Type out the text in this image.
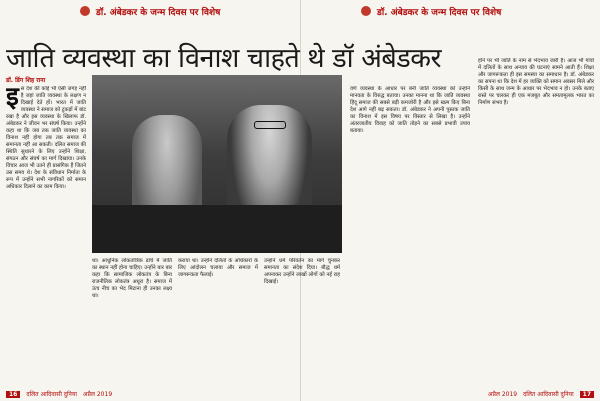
डॉ. अंबेडकर के जन्म दिवस पर विशेष	डॉ. अंबेडकर के जन्म दिवस पर विशेष
जाति व्यवस्था का विनाश चाहते थे डॉ अंबेडकर
डॉ. डिंग शिह राना
इ स देश की कोई भी ऐसी जगह नहीं है जहां जाति व्यवस्था के लक्षण न दिखाई देते हों। भारत में जाति व्यवस्था ने समाज को टुकड़ों में बांट रखा है और इस व्यवस्था के खिलाफ डॉ. अंबेडकर ने जीवन भर संघर्ष किया। उन्होंने कहा था कि जब तक जाति व्यवस्था का विनाश नहीं होगा तब तक समाज में समानता नहीं आ सकती। दलित समाज की स्थिति सुधारने के लिए उन्होंने शिक्षा, संगठन और संघर्ष का मार्ग दिखाया। उनके विचार आज भी उतने ही प्रासंगिक हैं जितने उस समय थे। देश के संविधान निर्माता के रूप में उन्होंने सभी नागरिकों को समान अधिकार दिलाने का काम किया।
था। आधुनिक लोकतांत्रिक ढांचे में जाति का स्थान नहीं होना चाहिए। उन्होंने बार बार कहा कि सामाजिक लोकतंत्र के बिना राजनीतिक लोकतंत्र अधूरा है। समाज में ऊंच नीच का भेद मिटाना ही उनका लक्ष्य था।
कराया था। उन्होंने दलितों के अधिकारों के लिए आंदोलन चलाया और समाज में जागरूकता फैलाई।
उन्होंने धर्म परिवर्तन का मार्ग चुनकर समानता का संदेश दिया। बौद्ध धर्म अपनाकर उन्होंने लाखों लोगों को नई राह दिखाई।
वर्ण व्यवस्था के आधार पर बनी जाति व्यवस्था को उन्होंने मानवता के विरुद्ध बताया। उनका मानना था कि जाति व्यवस्था हिंदू समाज की सबसे बड़ी कमजोरी है और इसे खत्म किए बिना देश आगे नहीं बढ़ सकता। डॉ. अंबेडकर ने अपनी पुस्तक जाति का विनाश में इस विषय पर विस्तार से लिखा है। उन्होंने अंतरजातीय विवाह को जाति तोड़ने का सबसे प्रभावी उपाय बताया।
होने पर भी जाति के नाम से भेदभाव जारी है। आज भी गांवों में दलितों के साथ अन्याय की घटनाएं सामने आती हैं। शिक्षा और जागरूकता ही इस समस्या का समाधान है। डॉ. अंबेडकर का सपना था कि देश में हर व्यक्ति को समान अवसर मिले और किसी के साथ जन्म के आधार पर भेदभाव न हो। उनके बताए रास्ते पर चलकर ही एक मजबूत और समतामूलक भारत का निर्माण संभव है।
16	दलित आदिवासी दुनिया अप्रैल 2019	अप्रैल 2019 दलित आदिवासी दुनिया	17
